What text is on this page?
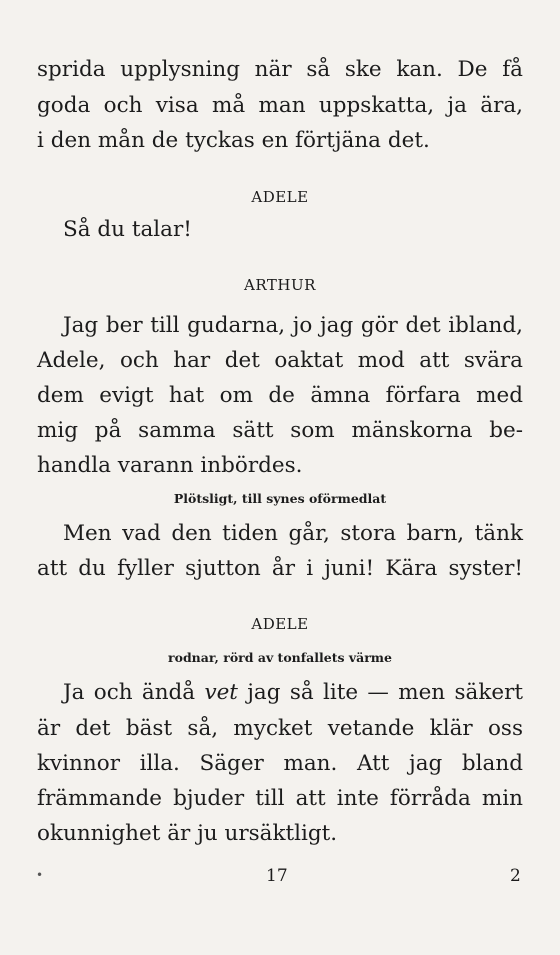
sprida upplysning när så ske kan. De få
goda och visa må man uppskatta, ja ära,
i den mån de tyckas en förtjäna det.
ADELE
Så du talar!
ARTHUR
Jag ber till gudarna, jo jag gör det ibland,
Adele, och har det oaktat mod att svära
dem evigt hat om de ämna förfara med
mig på samma sätt som mänskorna be-
handla varann inbördes.
Plötsligt, till synes oförmedlat
Men vad den tiden går, stora barn, tänk
att du fyller sjutton år i juni! Kära syster!
ADELE
rodnar, rörd av tonfallets värme
Ja och ändå vet jag så lite — men säkert
är det bäst så, mycket vetande klär oss
kvinnor illa. Säger man. Att jag bland
främmande bjuder till att inte förråda min
okunnighet är ju ursäktligt.
•	17	2
